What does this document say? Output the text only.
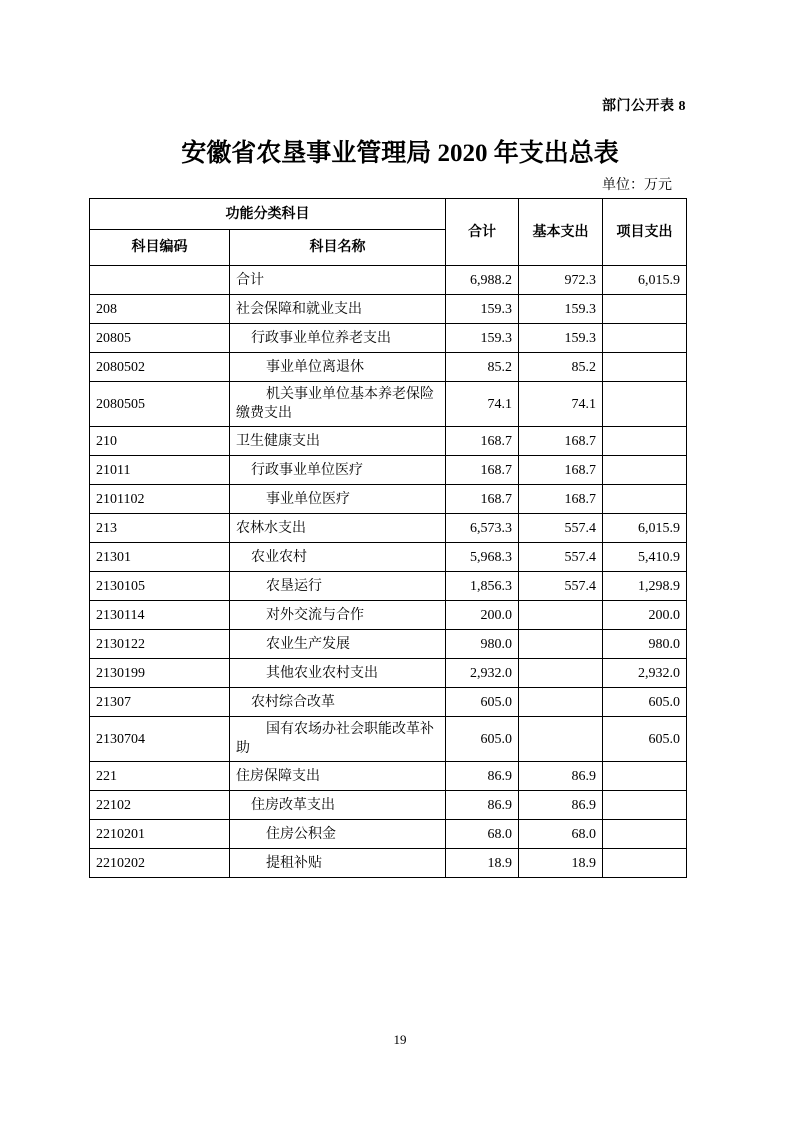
部门公开表 8
安徽省农垦事业管理局 2020 年支出总表
单位：万元
功能分类科目		合计	基本支出	项目支出
科目编码	科目名称			
	合计	6,988.2	972.3	6,015.9
208	社会保障和就业支出	159.3	159.3	
20805	行政事业单位养老支出	159.3	159.3	
2080502	事业单位离退休	85.2	85.2	
2080505	机关事业单位基本养老保险缴费支出	74.1	74.1	
210	卫生健康支出	168.7	168.7	
21011	行政事业单位医疗	168.7	168.7	
2101102	事业单位医疗	168.7	168.7	
213	农林水支出	6,573.3	557.4	6,015.9
21301	农业农村	5,968.3	557.4	5,410.9
2130105	农垦运行	1,856.3	557.4	1,298.9
2130114	对外交流与合作	200.0		200.0
2130122	农业生产发展	980.0		980.0
2130199	其他农业农村支出	2,932.0		2,932.0
21307	农村综合改革	605.0		605.0
2130704	国有农场办社会职能改革补助	605.0		605.0
221	住房保障支出	86.9	86.9	
22102	住房改革支出	86.9	86.9	
2210201	住房公积金	68.0	68.0	
2210202	提租补贴	18.9	18.9	
19
